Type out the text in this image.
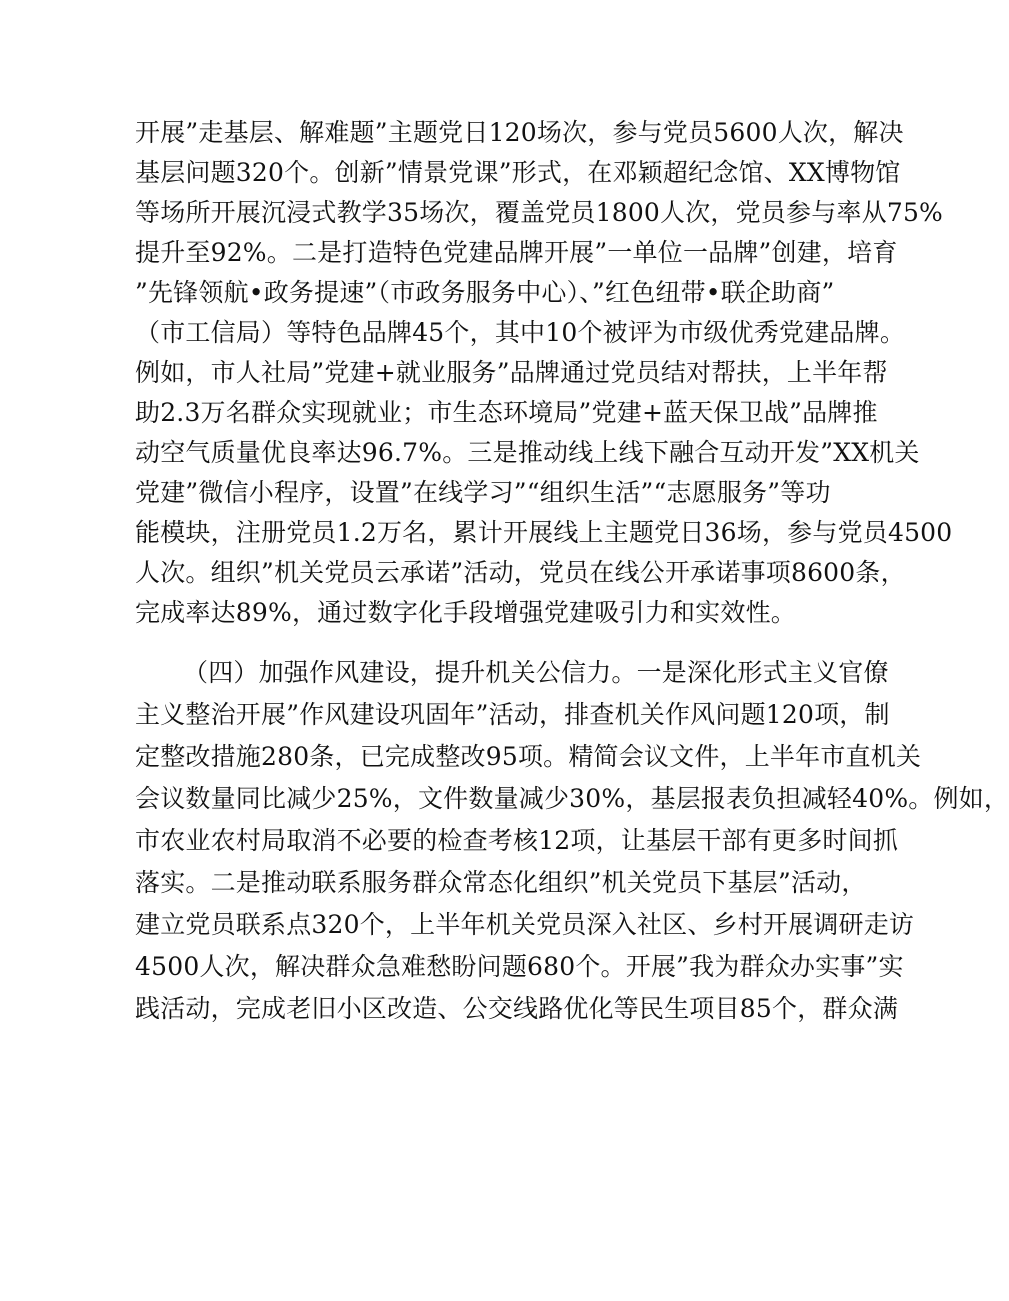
开展”走基层、解难题”主题党日120场次，参与党员5600人次，解决
基层问题320个。创新”情景党课”形式，在邓颖超纪念馆、XX博物馆
等场所开展沉浸式教学35场次，覆盖党员1800人次，党员参与率从75%
提升至92%。二是打造特色党建品牌开展”一单位一品牌”创建，培育
”先锋领航•政务提速”（市政务服务中心）、”红色纽带•联企助商”
（市工信局）等特色品牌45个，其中10个被评为市级优秀党建品牌。
例如，市人社局”党建+就业服务”品牌通过党员结对帮扶，上半年帮
助2.3万名群众实现就业；市生态环境局”党建+蓝天保卫战”品牌推
动空气质量优良率达96.7%。三是推动线上线下融合互动开发”XX机关
党建”微信小程序，设置”在线学习”“组织生活”“志愿服务”等功
能模块，注册党员1.2万名，累计开展线上主题党日36场，参与党员4500
人次。组织”机关党员云承诺”活动，党员在线公开承诺事项8600条，
完成率达89%，通过数字化手段增强党建吸引力和实效性。
（四）加强作风建设，提升机关公信力。一是深化形式主义官僚
主义整治开展”作风建设巩固年”活动，排查机关作风问题120项，制
定整改措施280条，已完成整改95项。精简会议文件，上半年市直机关
会议数量同比减少25%，文件数量减少30%，基层报表负担减轻40%。例如，
市农业农村局取消不必要的检查考核12项，让基层干部有更多时间抓
落实。二是推动联系服务群众常态化组织”机关党员下基层”活动，
建立党员联系点320个，上半年机关党员深入社区、乡村开展调研走访
4500人次，解决群众急难愁盼问题680个。开展”我为群众办实事”实
践活动，完成老旧小区改造、公交线路优化等民生项目85个，群众满
